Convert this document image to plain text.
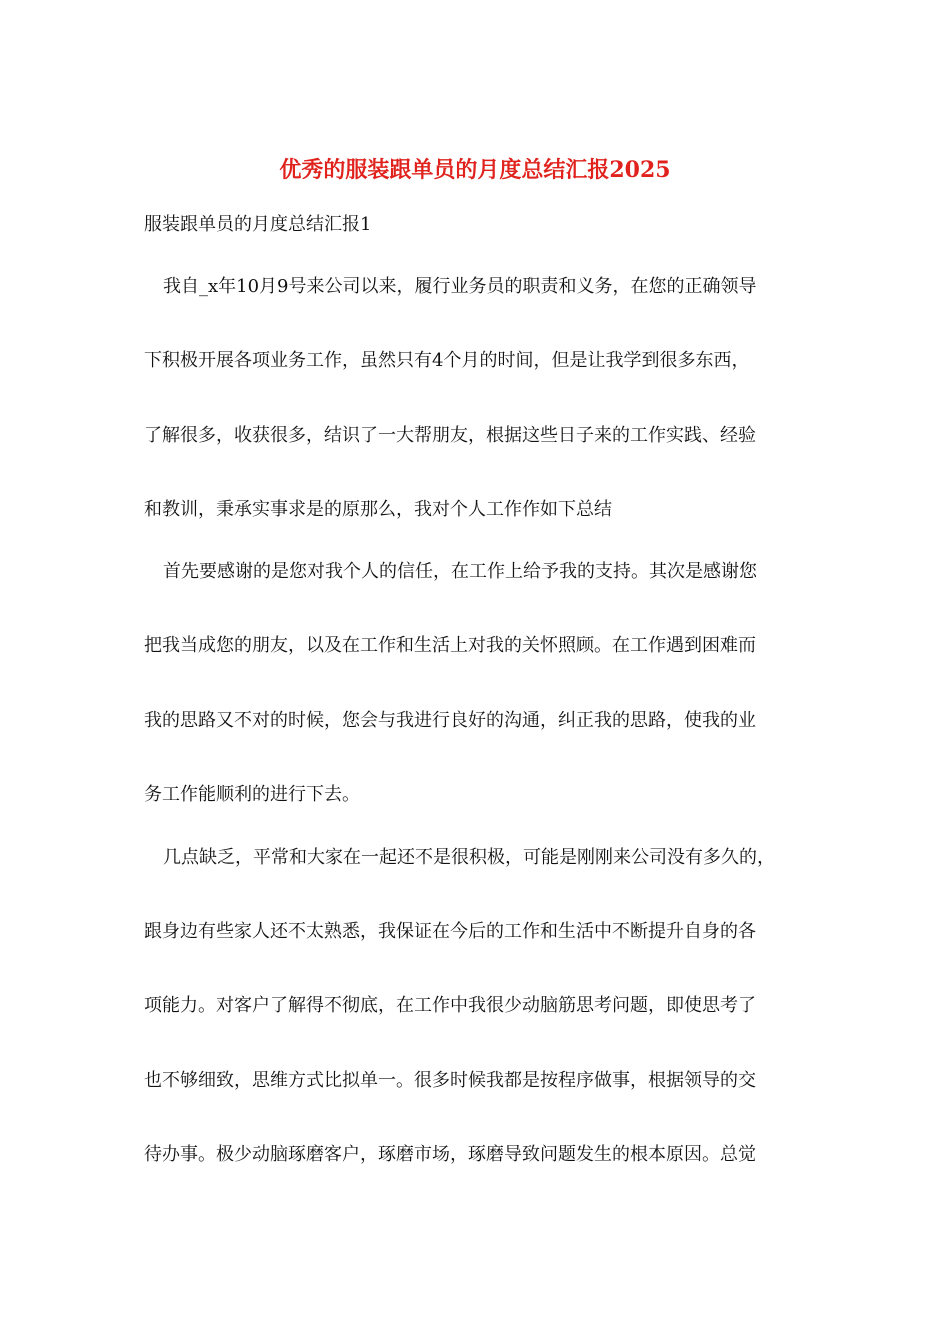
优秀的服装跟单员的月度总结汇报2025
服装跟单员的月度总结汇报1
我自_x年10月9号来公司以来，履行业务员的职责和义务，在您的正确领导
下积极开展各项业务工作，虽然只有4个月的时间，但是让我学到很多东西，
了解很多，收获很多，结识了一大帮朋友，根据这些日子来的工作实践、经验
和教训，秉承实事求是的原那么，我对个人工作作如下总结
首先要感谢的是您对我个人的信任，在工作上给予我的支持。其次是感谢您
把我当成您的朋友，以及在工作和生活上对我的关怀照顾。在工作遇到困难而
我的思路又不对的时候，您会与我进行良好的沟通，纠正我的思路，使我的业
务工作能顺利的进行下去。
几点缺乏，平常和大家在一起还不是很积极，可能是刚刚来公司没有多久的，
跟身边有些家人还不太熟悉，我保证在今后的工作和生活中不断提升自身的各
项能力。对客户了解得不彻底，在工作中我很少动脑筋思考问题，即使思考了
也不够细致，思维方式比拟单一。很多时候我都是按程序做事，根据领导的交
待办事。极少动脑琢磨客户，琢磨市场，琢磨导致问题发生的根本原因。总觉
